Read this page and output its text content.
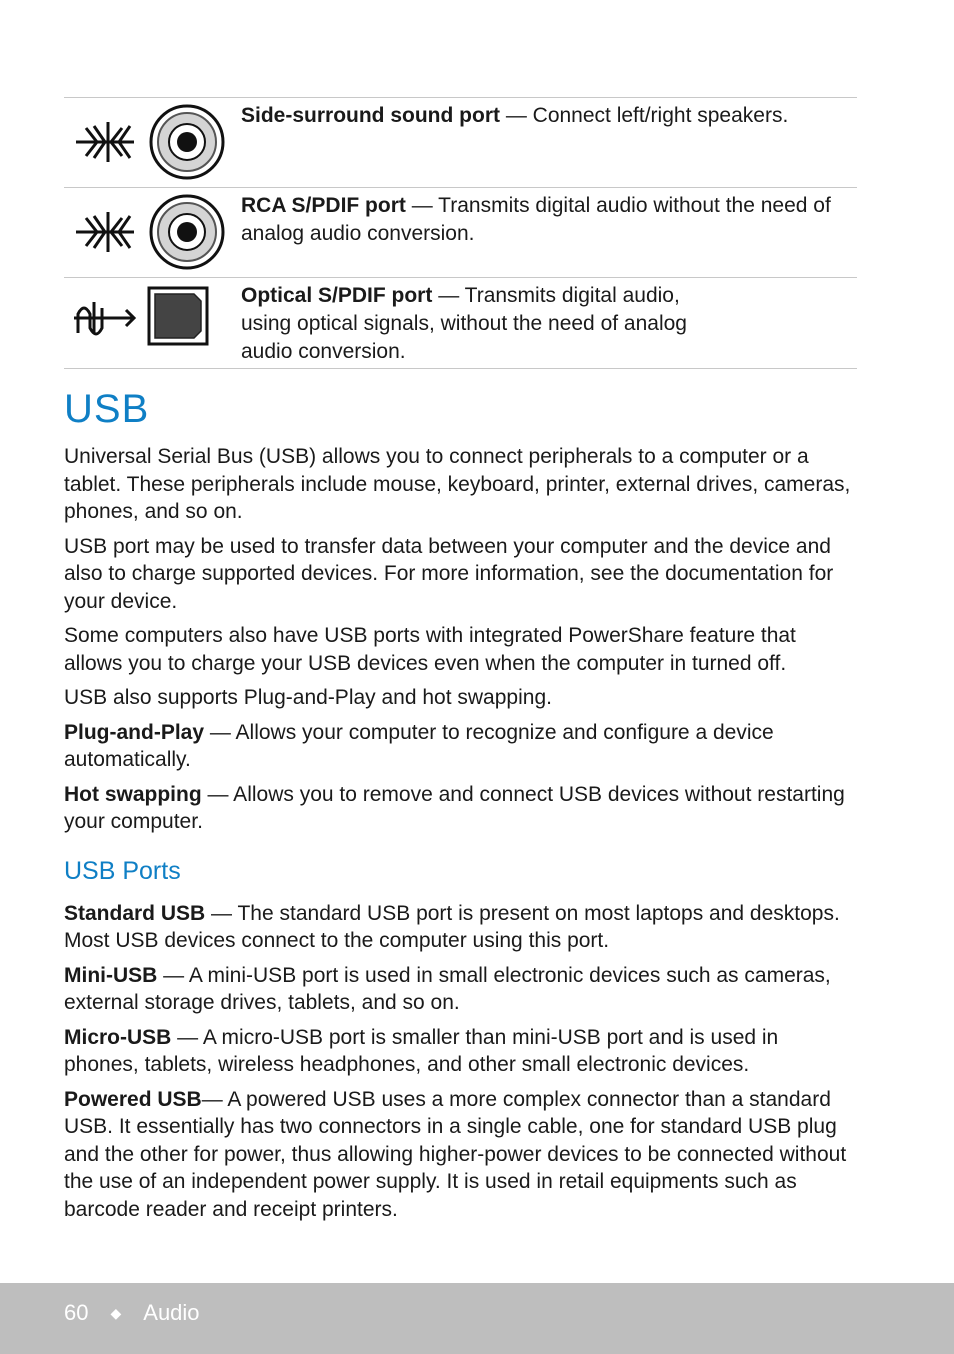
Side-surround sound port — Connect left/right speakers.
RCA S/PDIF port — Transmits digital audio without the need of analog audio conversion.
Optical S/PDIF port — Transmits digital audio,
using optical signals, without the need of analog
audio conversion.
USB

Universal Serial Bus (USB) allows you to connect peripherals to a computer or a tablet. These peripherals include mouse, keyboard, printer, external drives, cameras, phones, and so on.

USB port may be used to transfer data between your computer and the device and also to charge supported devices. For more information, see the documentation for your device.

Some computers also have USB ports with integrated PowerShare feature that allows you to charge your USB devices even when the computer in turned off.

USB also supports Plug-and-Play and hot swapping.

Plug-and-Play — Allows your computer to recognize and configure a device automatically.

Hot swapping — Allows you to remove and connect USB devices without restarting your computer.

USB Ports

Standard USB — The standard USB port is present on most laptops and desktops. Most USB devices connect to the computer using this port.

Mini-USB — A mini-USB port is used in small electronic devices such as cameras, external storage drives, tablets, and so on.

Micro-USB — A micro-USB port is smaller than mini-USB port and is used in phones, tablets, wireless headphones, and other small electronic devices.

Powered USB— A powered USB uses a more complex connector than a standard USB. It essentially has two connectors in a single cable, one for standard USB plug and the other for power, thus allowing higher-power devices to be connected without the use of an independent power supply. It is used in retail equipments such as barcode reader and receipt printers.

60 ◆ Audio
